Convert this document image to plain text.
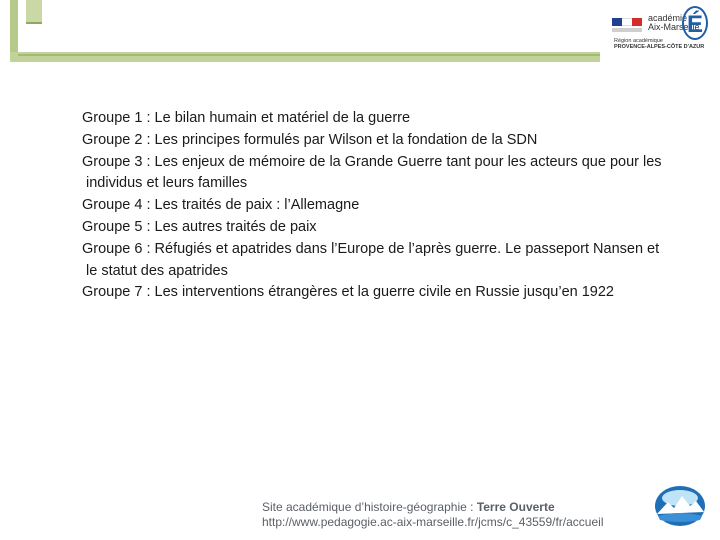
académie
Aix-Marseille
É
Région académique
PROVENCE-ALPES-CÔTE D'AZUR
Groupe 1 : Le bilan humain et matériel de la guerre
Groupe 2 : Les principes formulés par Wilson et la fondation de la SDN
Groupe 3 : Les enjeux de mémoire de la Grande Guerre tant pour les acteurs que pour les
individus et leurs familles
Groupe 4 : Les traités de paix : l’Allemagne
Groupe 5 : Les autres traités de paix
Groupe 6 : Réfugiés et apatrides dans l’Europe de l’après guerre. Le passeport Nansen et
le statut des apatrides
Groupe 7 : Les interventions étrangères et la guerre civile en Russie jusqu’en 1922
Site académique d’histoire-géographie : Terre Ouverte
http://www.pedagogie.ac-aix-marseille.fr/jcms/c_43559/fr/accueil
